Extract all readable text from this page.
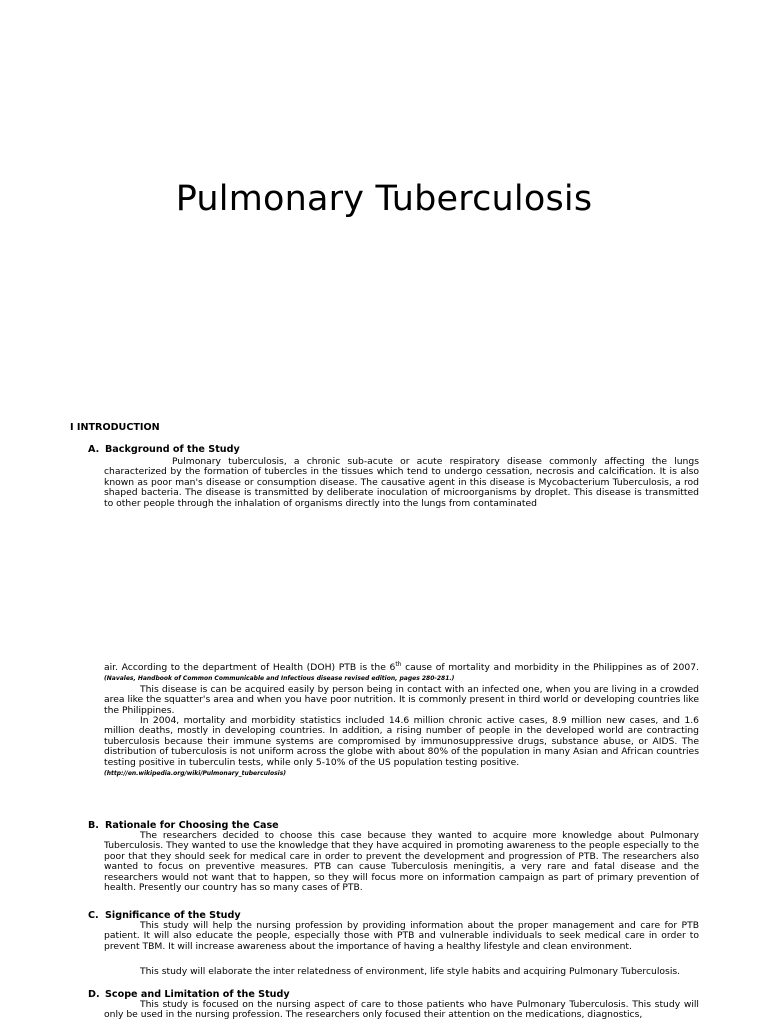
Pulmonary Tuberculosis
I INTRODUCTION
A. Background of the Study

Pulmonary tuberculosis, a chronic sub-acute or acute respiratory disease commonly affecting the lungs characterized by the formation of tubercles in the tissues which tend to undergo cessation, necrosis and calcification. It is also known as poor man's disease or consumption disease. The causative agent in this disease is Mycobacterium Tuberculosis, a rod shaped bacteria. The disease is transmitted by deliberate inoculation of microorganisms by droplet. This disease is transmitted to other people through the inhalation of organisms directly into the lungs from contaminated

air. According to the department of Health (DOH) PTB is the 6th cause of mortality and morbidity in the Philippines as of 2007. (Navales, Handbook of Common Communicable and Infectious disease revised edition, pages 280-281.)

This disease is can be acquired easily by person being in contact with an infected one, when you are living in a crowded area like the squatter's area and when you have poor nutrition. It is commonly present in third world or developing countries like the Philippines.

In 2004, mortality and morbidity statistics included 14.6 million chronic active cases, 8.9 million new cases, and 1.6 million deaths, mostly in developing countries. In addition, a rising number of people in the developed world are contracting tuberculosis because their immune systems are compromised by immunosuppressive drugs, substance abuse, or AIDS. The distribution of tuberculosis is not uniform across the globe with about 80% of the population in many Asian and African countries testing positive in tuberculin tests, while only 5-10% of the US population testing positive.

(http://en.wikipedia.org/wiki/Pulmonary_tuberculosis)

B. Rationale for Choosing the Case

The researchers decided to choose this case because they wanted to acquire more knowledge about Pulmonary Tuberculosis. They wanted to use the knowledge that they have acquired in promoting awareness to the people especially to the poor that they should seek for medical care in order to prevent the development and progression of PTB. The researchers also wanted to focus on preventive measures. PTB can cause Tuberculosis meningitis, a very rare and fatal disease and the researchers would not want that to happen, so they will focus more on information campaign as part of primary prevention of health. Presently our country has so many cases of PTB.

C. Significance of the Study

This study will help the nursing profession by providing information about the proper management and care for PTB patient. It will also educate the people, especially those with PTB and vulnerable individuals to seek medical care in order to prevent TBM. It will increase awareness about the importance of having a healthy lifestyle and clean environment.

This study will elaborate the inter relatedness of environment, life style habits and acquiring Pulmonary Tuberculosis.

D. Scope and Limitation of the Study

This study is focused on the nursing aspect of care to those patients who have Pulmonary Tuberculosis. This study will only be used in the nursing profession. The researchers only focused their attention on the medications, diagnostics,
